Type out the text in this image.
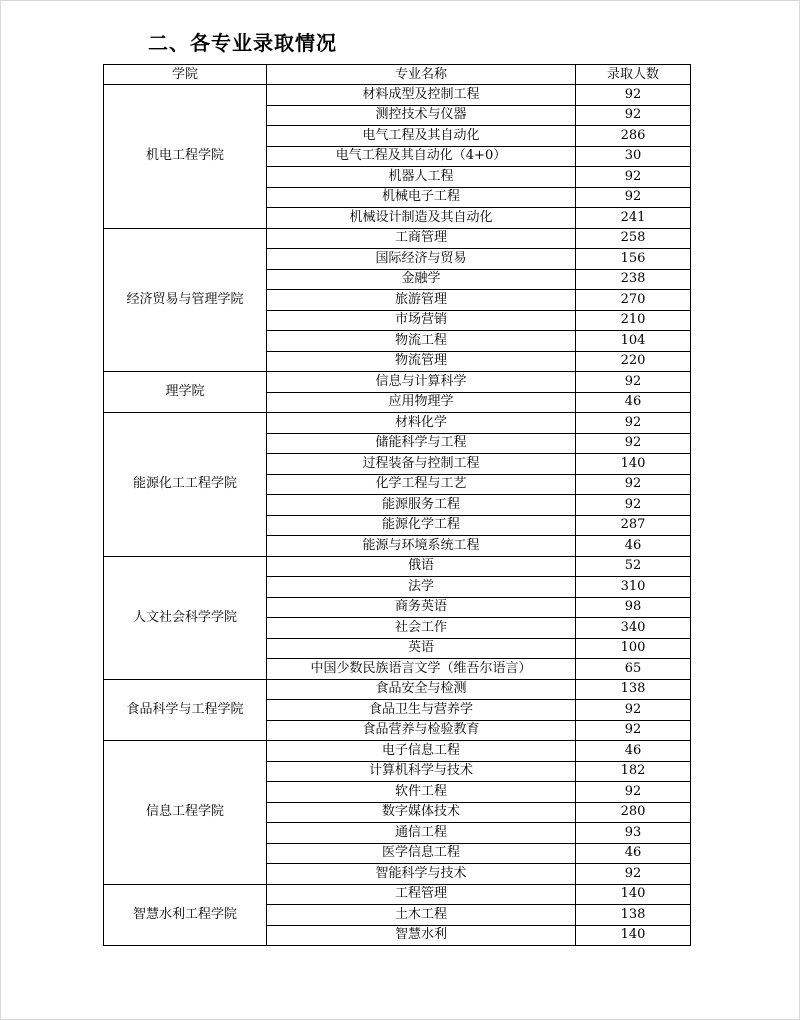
二、各专业录取情况
学院	专业名称	录取人数
机电工程学院	材料成型及控制工程	92
	测控技术与仪器	92
	电气工程及其自动化	286
	电气工程及其自动化（4+0）	30
	机器人工程	92
	机械电子工程	92
	机械设计制造及其自动化	241
经济贸易与管理学院	工商管理	258
	国际经济与贸易	156
	金融学	238
	旅游管理	270
	市场营销	210
	物流工程	104
	物流管理	220
理学院	信息与计算科学	92
	应用物理学	46
能源化工工程学院	材料化学	92
	储能科学与工程	92
	过程装备与控制工程	140
	化学工程与工艺	92
	能源服务工程	92
	能源化学工程	287
	能源与环境系统工程	46
人文社会科学学院	俄语	52
	法学	310
	商务英语	98
	社会工作	340
	英语	100
	中国少数民族语言文学（维吾尔语言）	65
食品科学与工程学院	食品安全与检测	138
	食品卫生与营养学	92
	食品营养与检验教育	92
信息工程学院	电子信息工程	46
	计算机科学与技术	182
	软件工程	92
	数字媒体技术	280
	通信工程	93
	医学信息工程	46
	智能科学与技术	92
智慧水利工程学院	工程管理	140
	土木工程	138
	智慧水利	140
